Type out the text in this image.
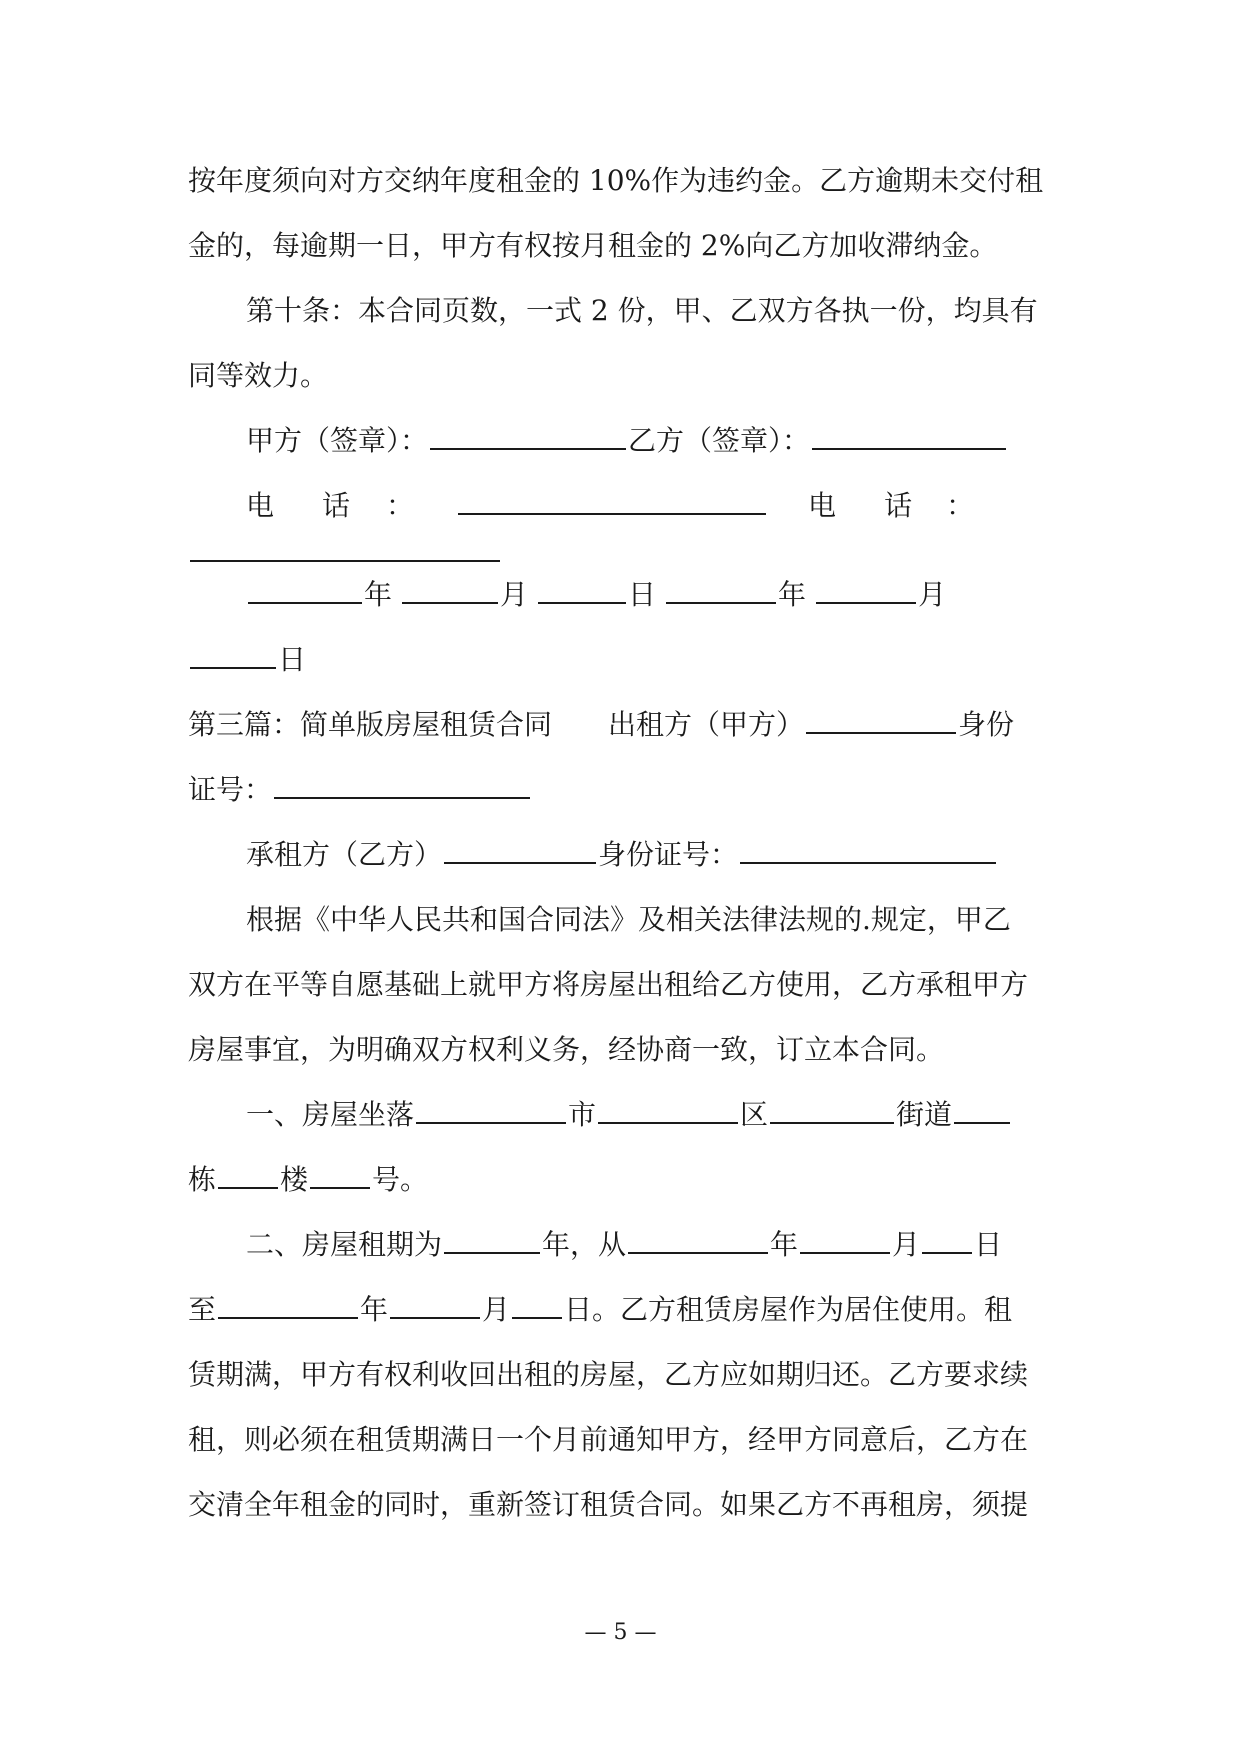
按年度须向对方交纳年度租金的 10%作为违约金。乙方逾期未交付租

金的，每逾期一日，甲方有权按月租金的 2%向乙方加收滞纳金。

第十条：本合同页数，一式 2 份，甲、乙双方各执一份，均具有

同等效力。

甲方（签章）：	乙方（签章）：

电 话 ：	电 话 ：

年	月	日	年	月

日

第三篇：简单版房屋租赁合同 出租方（甲方）	身份

证号：

承租方（乙方）	身份证号：

根据《中华人民共和国合同法》及相关法律法规的.规定，甲乙

双方在平等自愿基础上就甲方将房屋出租给乙方使用，乙方承租甲方

房屋事宜，为明确双方权利义务，经协商一致，订立本合同。

一、房屋坐落	市	区	街道

栋 楼 号。

二、房屋租期为	年，从	年	月 日

至	年	月 日。乙方租赁房屋作为居住使用。租

赁期满，甲方有权利收回出租的房屋，乙方应如期归还。乙方要求续

租，则必须在租赁期满日一个月前通知甲方，经甲方同意后，乙方在

交清全年租金的同时，重新签订租赁合同。如果乙方不再租房，须提

— 5 —
